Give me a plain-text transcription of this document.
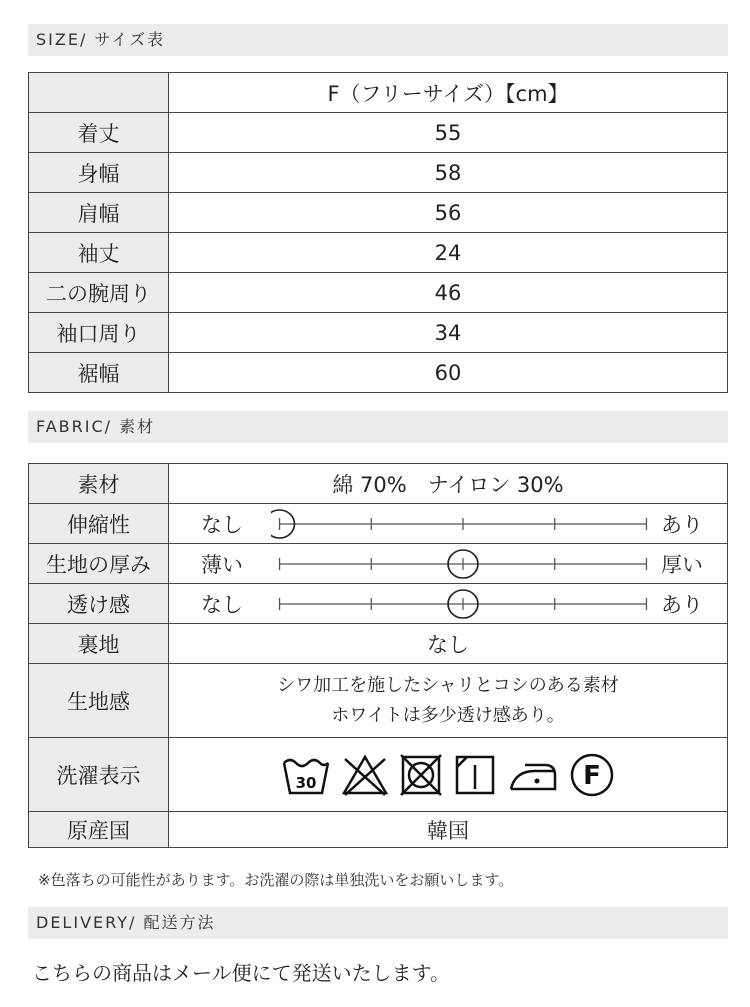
SIZE/ サイズ表
	F（フリーサイズ）【cm】
着丈	55
身幅	58
肩幅	56
袖丈	24
二の腕周り	46
袖口周り	34
裾幅	60
FABRIC/ 素材
素材	綿 70%　ナイロン 30%
伸縮性	なし あり

生地の厚み	薄い 厚い

透け感	なし あり

裏地	なし
生地感	シワ加工を施したシャリとコシのある素材
ホワイトは多少透け感あり。

洗濯表示	30 F

原産国	韓国
※色落ちの可能性があります。お洗濯の際は単独洗いをお願いします。
DELIVERY/ 配送方法
こちらの商品はメール便にて発送いたします。
